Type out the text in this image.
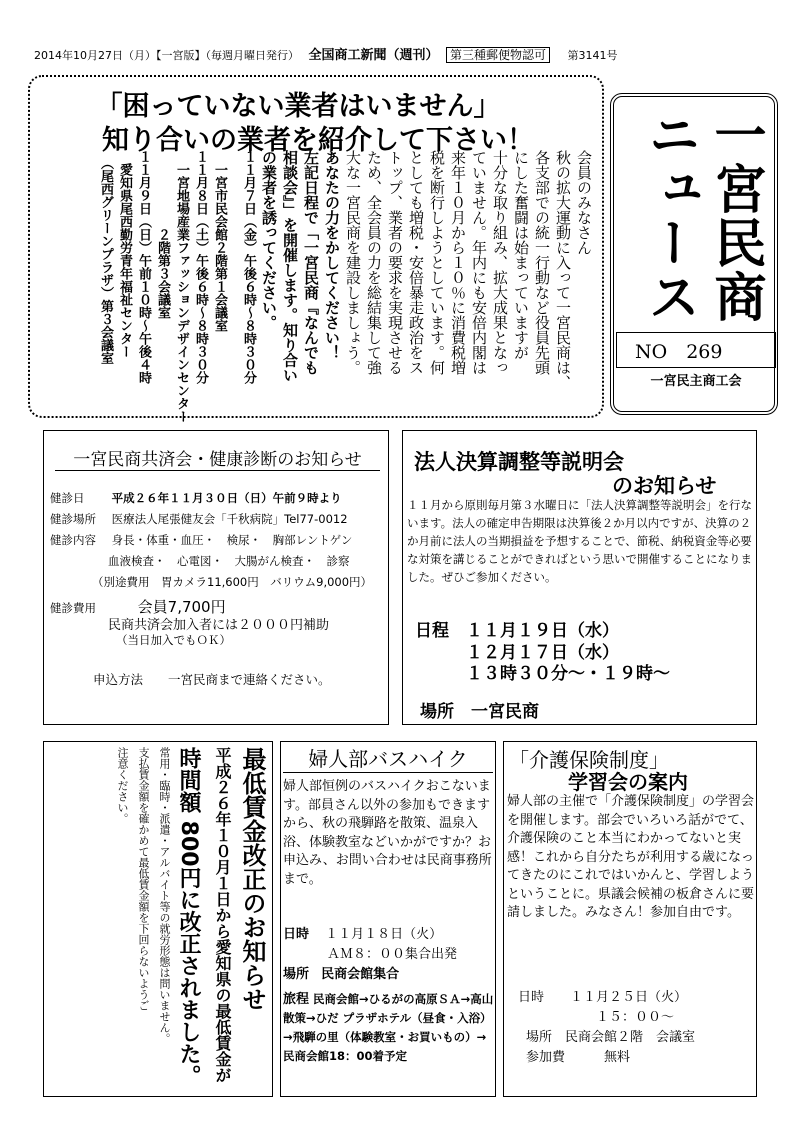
2014年10月27日（月）【一宮版】（毎週月曜日発行） 全国商工新聞（週刊） 第三種郵便物認可 第3141号
「困っていない業者はいません」
知り合いの業者を紹介して下さい！
会員のみなさん
秋の拡大運動に入って一宮民商は、
各支部での統一行動など役員先頭
にした奮闘は始まっていますが
十分な取り組み、拡大成果となっ
ていません。年内にも安倍内閣は
来年１０月から１０％に消費税増
税を断行しようとしています。何
としても増税・安倍暴走政治をス
トップ、業者の要求を実現させる
ため、全会員の力を総結集して強
大な一宮民商を建設しましょう。
あなたの力をかしてください！
左記日程で「一宮民商『なんでも
相談会』」を開催します。知り合い
の業者を誘ってください。
１１月７日（金）午後６時～８時３０分
　一宮市民会館２階第１会議室
１１月８日（土）午後６時～８時３０分
　一宮地場産業ファッションデザインセンター
　　　　　　２階第３会議室
１１月９日（日）午前１０時～午後４時
　愛知県尾西勤労青年福祉センター
　（尾西グリーンプラザ）第３会議室	一宮民商
ニュース
NO　269
一宮民主商工会
一宮民商共済会・健康診断のお知らせ
健診日 平成２６年１１月３０日（日）午前９時より
健診場所 医療法人尾張健友会「千秋病院」Tel77-0012
健診内容 身長・体重・血圧・　検尿・　胸部レントゲン
血液検査・　心電図・　大腸がん検査・　診察
（別途費用　胃カメラ11,600円　バリウム9,000円）
健診費用	会員7,700円
民商共済会加入者には２０００円補助
（当日加入でもＯＫ）
申込方法　　一宮民商まで連絡ください。
法人決算調整等説明会
のお知らせ
１１月から原則毎月第３水曜日に「法人決算調整等説明会」を行ないます。法人の確定申告期限は決算後２か月以内ですが、決算の２か月前に法人の当期損益を予想することで、節税、納税資金等必要な対策を講じることができればという思いで開催することになりました。ぜひご参加ください。
日程　１１月１９日（水）
１２月１７日（水）
１３時３０分～・１９時～
場所　一宮民商
最低賃金改正のお知らせ
平成２６年１０月１日から愛知県の最低賃金が
時間額 800円に改正されました。
常用・臨時・派遣・アルバイト等の就労形態は問いません。
支払賃金額を確かめて最低賃金額を下回らないようご
注意ください。	婦人部バスハイク
婦人部恒例のバスハイクおこないます。部員さん以外の参加もできますから、秋の飛騨路を散策、温泉入浴、体験教室などいかがですか？お申込み、お問い合わせは民商事務所まで。
日時 １１月１８日（火）
ＡＭ８：００集合出発
場所 民商会館集合
旅程 民商会館→ひるがの高原ＳＡ→高山散策→ひだ プラザホテル（昼食・入浴）→飛騨の里（体験教室・お買いもの）→民商会館18：00着予定
「介護保険制度」
学習会の案内
婦人部の主催で「介護保険制度」の学習会を開催します。部会でいろいろ話がでて、介護保険のこと本当にわかってないと実感！これから自分たちが利用する歳になってきたのにこれではいかんと、学習しようということに。県議会候補の板倉さんに要請しました。みなさん！参加自由です。
日時　　１１月２５日（火）
　　　　　　１５：００～
場所　民商会館２階　会議室
参加費　　　無料
